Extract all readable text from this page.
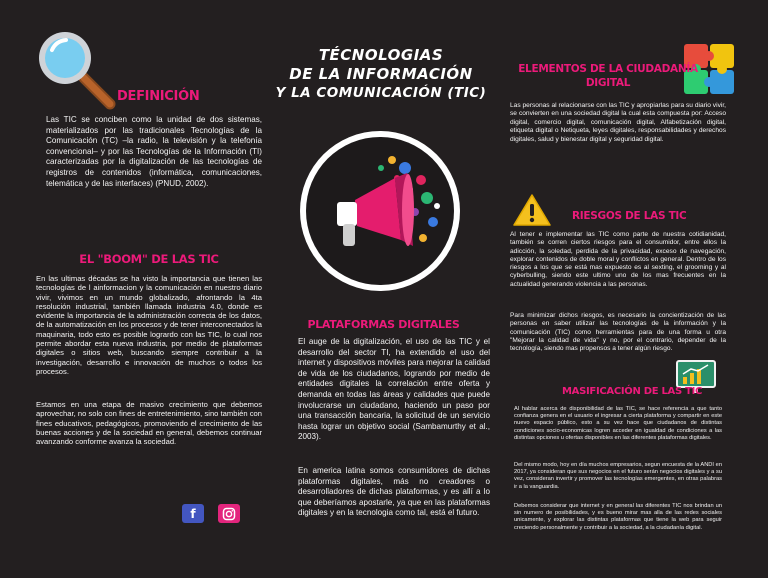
DEFINICIÓN

Las TIC se conciben como la unidad de dos sistemas, materializados por las tradicionales Tecnologías de la Comunicación (TC) –la radio, la televisión y la telefonía convencional– y por las Tecnologías de la Información (TI) caracterizadas por la digitalización de las tecnologías de registros de contenidos (informática, comunicaciones, telemática y de las interfaces) (PNUD, 2002).

EL "BOOM" DE LAS TIC

En las ultimas décadas se ha visto la importancia que tienen las tecnologías de l ainformacion y la comunicación en nuestro diario vivir, vivimos en un mundo globalizado, afrontando la 4ta resolución industrial, también llamada industria 4.0, donde es evidente la importancia de la administración correcta de los datos, de la automatización en los procesos y de tener interconectados la maquinaria, todo esto es posible logrardo con las TIC, lo cual nos permite abordar esta nueva industria, por medio de plataformas digitales o sitios web, buscando siempre contribuir a la investigación, desarrollo e innovación de muchos o todos los procesos.

Estamos en una etapa de masivo crecimiento que debemos aprovechar, no solo con fines de entretenimiento, sino también con fines educativos, pedagógicos, promoviendo el crecimiento de las buenas acciones y de la sociedad en general, debemos continuar avanzando conforme avanza la sociedad.

f
TÉCNOLOGIAS
DE LA INFORMACIÓN
Y LA COMUNICACIÓN (TIC)
PLATAFORMAS DIGITALES

El auge de la digitalización, el uso de las TIC y el desarrollo del sector TI, ha extendido el uso del internet y dispositivos móviles para mejorar la calidad de vida de los ciudadanos, logrando por medio de entidades digitales la correlación entre oferta y demanda en todas las áreas y calidades que puede involucrarse un ciudadano, haciendo un paso por una transacción bancaria, la solicitud de un servicio hasta lograr un objetivo social (Sambamurthy et al., 2003).

En america latina somos consumidores de dichas plataformas digitales, más no creadores o desarrolladores de dichas plataformas, y es allí a lo que deberíamos apostarle, ya que en las plataformas digitales y en la tecnologia como tal, está el futuro.

ELEMENTOS DE LA CIUDADANÍA
DIGITAL

Las personas al relacionarse con las TIC y apropiarlas para su diario vivir, se convierten en una sociedad digital la cual esta compuesta por: Acceso digital, comercio digital, comunicación digital, Alfabetización digital, etiqueta digital o Netiqueta, leyes digitales, responsabilidades y derechos digitales, salud y bienestar digital y seguridad digital.

RIESGOS DE LAS TIC

Al tener e implementar las TIC como parte de nuestra cotidianidad, también se corren ciertos riesgos para el consumidor, entre ellos la adicción, la soledad, perdida de la privacidad, exceso de navegación, explorar contenidos de doble moral y conflictos en general. Dentro de los riesgos a los que se está mas expuesto es al sexting, el grooming y al cyberbulling, siendo este ultimo uno de los mas frecuentes en la actualidad generando violencia a las personas.

Para minimizar dichos riesgos, es necesario la concientización de las personas en saber utilizar las tecnologías de la información y la comunicación (TIC) como herramientas para de una forma u otra "Mejorar la calidad de vida" y no, por el contrario, depender de la tecnología, siendo mas propensos a tener algún riesgo.

MASIFICACIÓN DE LAS TIC

Al hablar acerca de disponibilidad de las TIC, se hace referencia a que tanto confianza genera en el usuario el ingresar a cierta plataforma y compartir en este nuevo espacio público, esto a su vez hace que ciudadanos de distintas condiciones socio-economicas logren acceder en igualdad de condiciones a las distintas opciones u ofertas disponibles en las diferentes plataformas digitales.

Del mismo modo, hoy en día muchos empresarios, segun encuesta de la ANDI en 2017, ya consideran que sus negocios en el futuro serán negocios digitales y a su vez, consideran invertir y promover las tecnologías emergentes, en otras palabras ir a la vanguardia.

Debemos considerar que internet y en general las diferentes TIC nos brindan un sin numero de posibilidades, y es bueno mirar mas alla de las redes sociales unicamente, y explorar las distintas plataformas que tiene la web para seguir creciendo personalmente y contribuir a la sociedad, a la ciudadanía digital.
